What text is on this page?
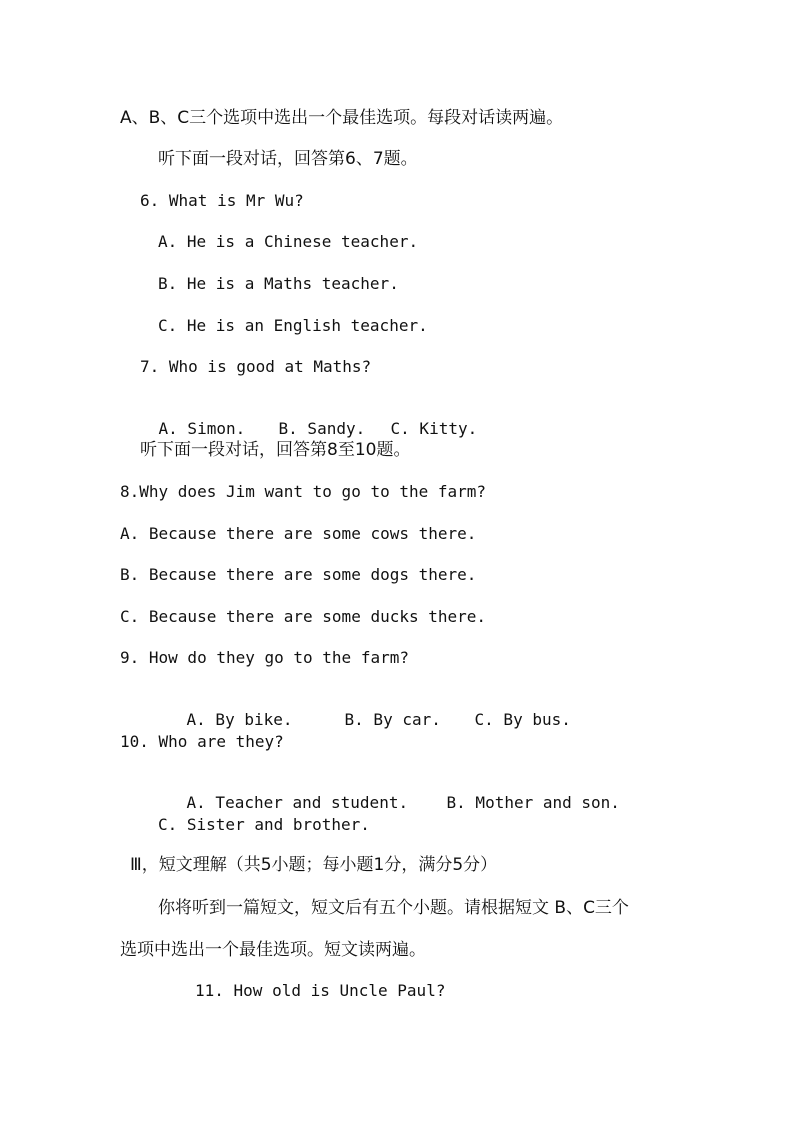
A、B、C三个选项中选出一个最佳选项。每段对话读两遍。
听下面一段对话，回答第6、7题。
6. What is Mr Wu?
A. He is a Chinese teacher.
B. He is a Maths teacher.
C. He is an English teacher.
7. Who is good at Maths?

A. Simon. B. Sandy. C. Kitty.

听下面一段对话，回答第8至10题。
8.Why does Jim want to go to the farm?
A. Because there are some cows there.
B. Because there are some dogs there.
C. Because there are some ducks there.
9. How do they go to the farm?

A. By bike.	B. By car. C. By bus.

10. Who are they?

A. Teacher and student. B. Mother and son.

C. Sister and brother.
Ⅲ，短文理解（共5小题；每小题1分，满分5分）
你将听到一篇短文，短文后有五个小题。请根据短文 B、C三个
选项中选出一个最佳选项。短文读两遍。
11. How old is Uncle Paul?
